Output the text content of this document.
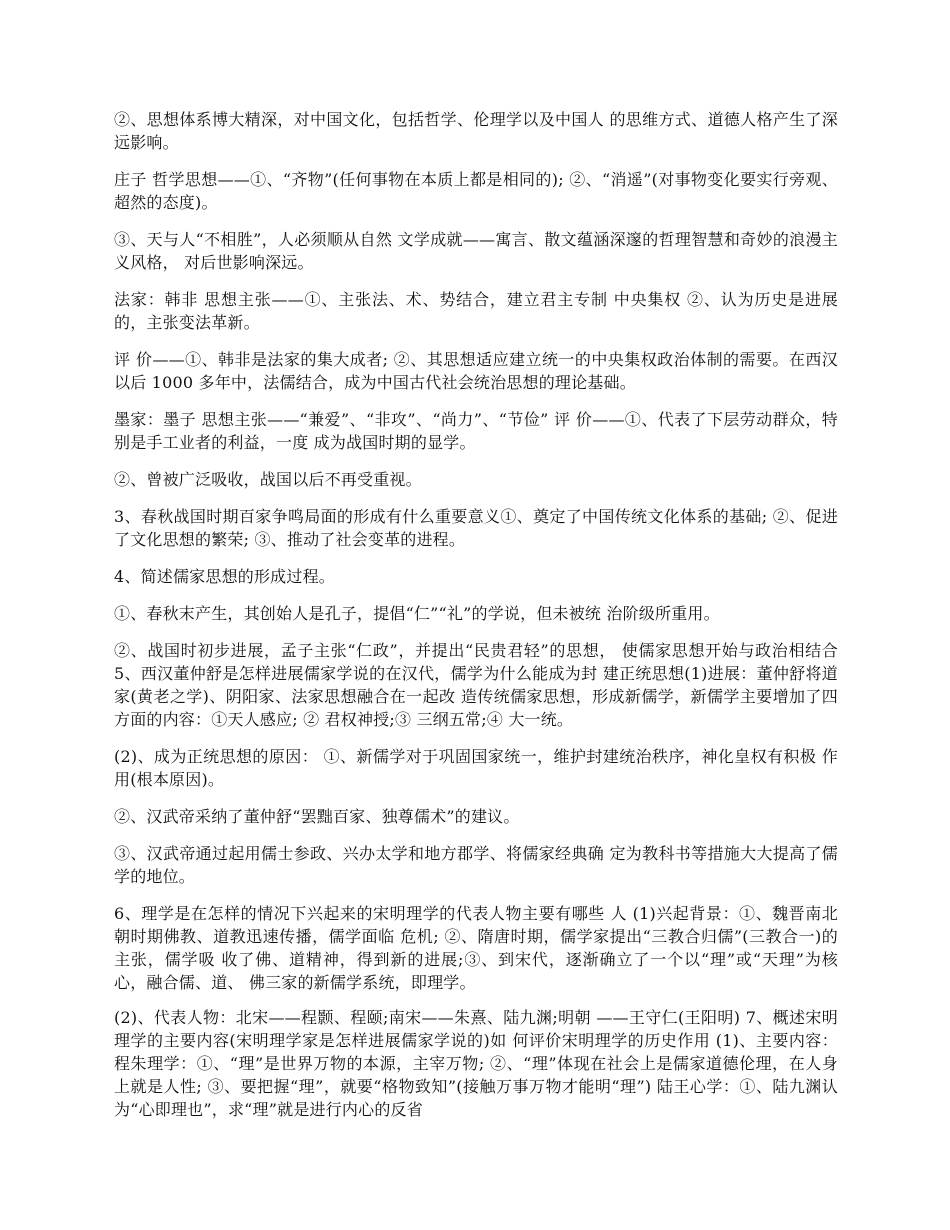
②、思想体系博大精深，对中国文化，包括哲学、伦理学以及中国人 的思维方式、道德人格产生了深远影响。

庄子 哲学思想——①、“齐物”(任何事物在本质上都是相同的); ②、“消遥”(对事物变化要实行旁观、超然的态度)。

③、天与人“不相胜”，人必须顺从自然 文学成就——寓言、散文蕴涵深邃的哲理智慧和奇妙的浪漫主义风格， 对后世影响深远。

法家：韩非 思想主张——①、主张法、术、势结合，建立君主专制 中央集权 ②、认为历史是进展的，主张变法革新。

评 价——①、韩非是法家的集大成者; ②、其思想适应建立统一的中央集权政治体制的需要。在西汉以后 1000 多年中，法儒结合，成为中国古代社会统治思想的理论基础。

墨家：墨子 思想主张——“兼爱”、“非攻”、“尚力”、“节俭” 评 价——①、代表了下层劳动群众，特别是手工业者的利益，一度 成为战国时期的显学。

②、曾被广泛吸收，战国以后不再受重视。

3、春秋战国时期百家争鸣局面的形成有什么重要意义①、奠定了中国传统文化体系的基础; ②、促进了文化思想的繁荣; ③、推动了社会变革的进程。

4、简述儒家思想的形成过程。

①、春秋末产生，其创始人是孔子，提倡“仁”“礼”的学说，但未被统 治阶级所重用。

②、战国时初步进展，孟子主张“仁政”，并提出“民贵君轻”的思想， 使儒家思想开始与政治相结合 5、西汉董仲舒是怎样进展儒家学说的在汉代，儒学为什么能成为封 建正统思想(1)进展：董仲舒将道家(黄老之学)、阴阳家、法家思想融合在一起改 造传统儒家思想，形成新儒学，新儒学主要增加了四方面的内容：①天人感应; ② 君权神授;③ 三纲五常;④ 大一统。

(2)、成为正统思想的原因： ①、新儒学对于巩固国家统一，维护封建统治秩序，神化皇权有积极 作用(根本原因)。

②、汉武帝采纳了董仲舒“罢黜百家、独尊儒术”的建议。

③、汉武帝通过起用儒士参政、兴办太学和地方郡学、将儒家经典确 定为教科书等措施大大提高了儒学的地位。

6、理学是在怎样的情况下兴起来的宋明理学的代表人物主要有哪些 人 (1)兴起背景：①、魏晋南北朝时期佛教、道教迅速传播，儒学面临 危机; ②、隋唐时期，儒学家提出“三教合归儒”(三教合一)的主张，儒学吸 收了佛、道精神，得到新的进展;③、到宋代，逐渐确立了一个以“理”或“天理”为核心，融合儒、道、 佛三家的新儒学系统，即理学。

(2)、代表人物：北宋——程颢、程颐;南宋——朱熹、陆九渊;明朝 ——王守仁(王阳明) 7、概述宋明理学的主要内容(宋明理学家是怎样进展儒家学说的)如 何评价宋明理学的历史作用 (1)、主要内容：程朱理学：①、“理”是世界万物的本源，主宰万物; ②、“理”体现在社会上是儒家道德伦理，在人身上就是人性; ③、要把握“理”，就要“格物致知”(接触万事万物才能明“理”) 陆王心学：①、陆九渊认为“心即理也”，求“理”就是进行内心的反省
